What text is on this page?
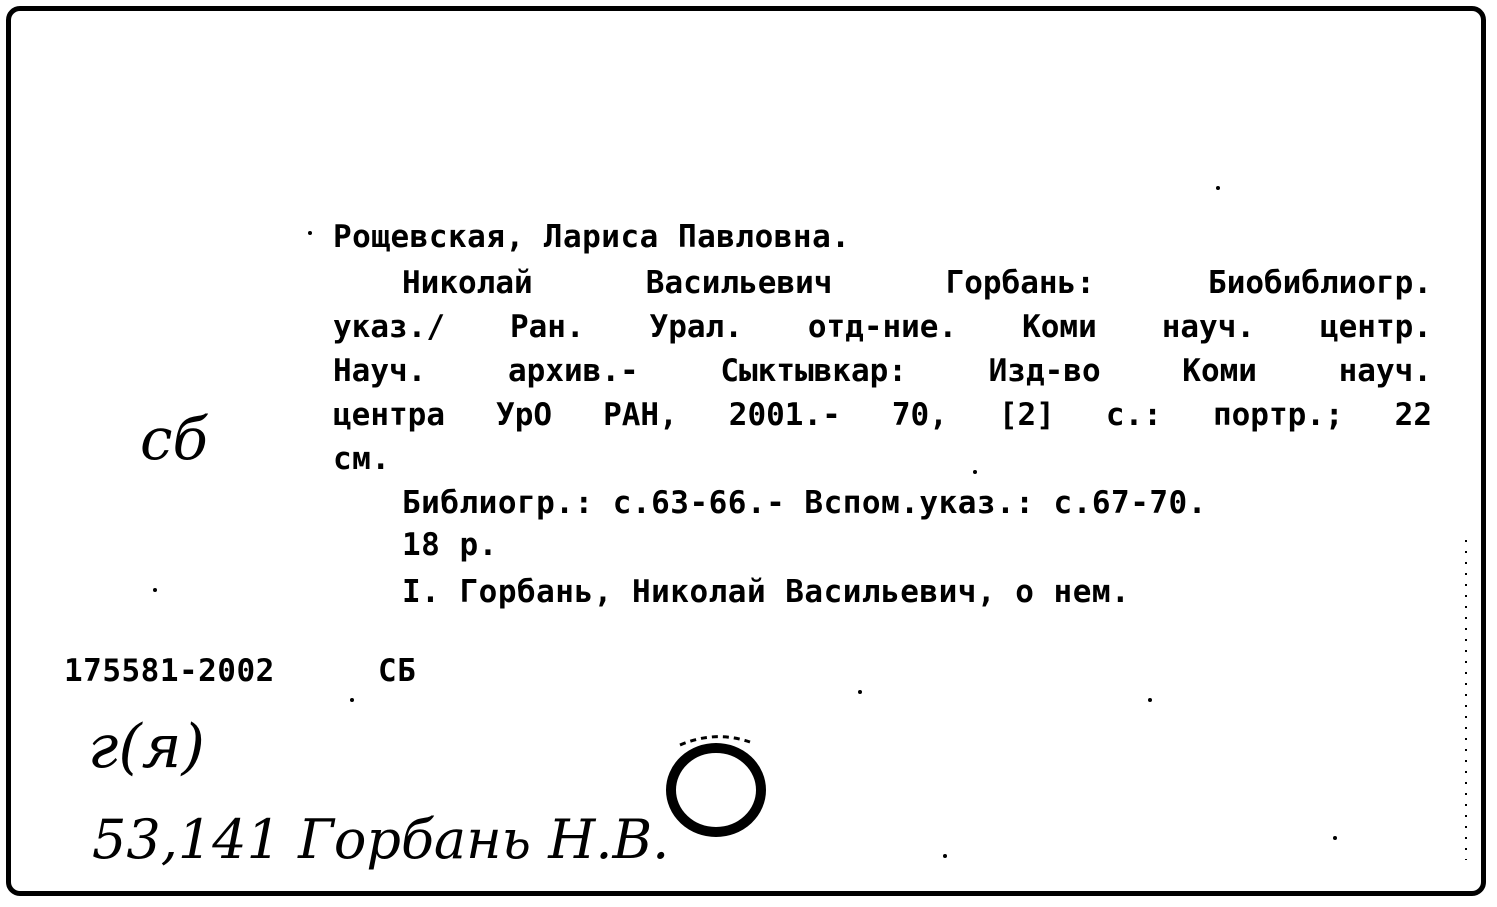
Рощевская, Лариса Павловна.
Николай	Васильевич	Горбань:	Биобиблиогр.
указ./ Ран. Урал. отд-ние. Коми науч. центр.
Науч.	архив.-	Сыктывкар:	Изд-во	Коми	науч.
центра УрО РАН, 2001.- 70, [2] с.: портр.; 22
см.
Библиогр.: с.63-66.- Вспом.указ.: с.67-70.
18 р.
I. Горбань, Николай Васильевич, о нем.
175581-2002	СБ
сб
г(я)
53,141 Горбань Н.В.
